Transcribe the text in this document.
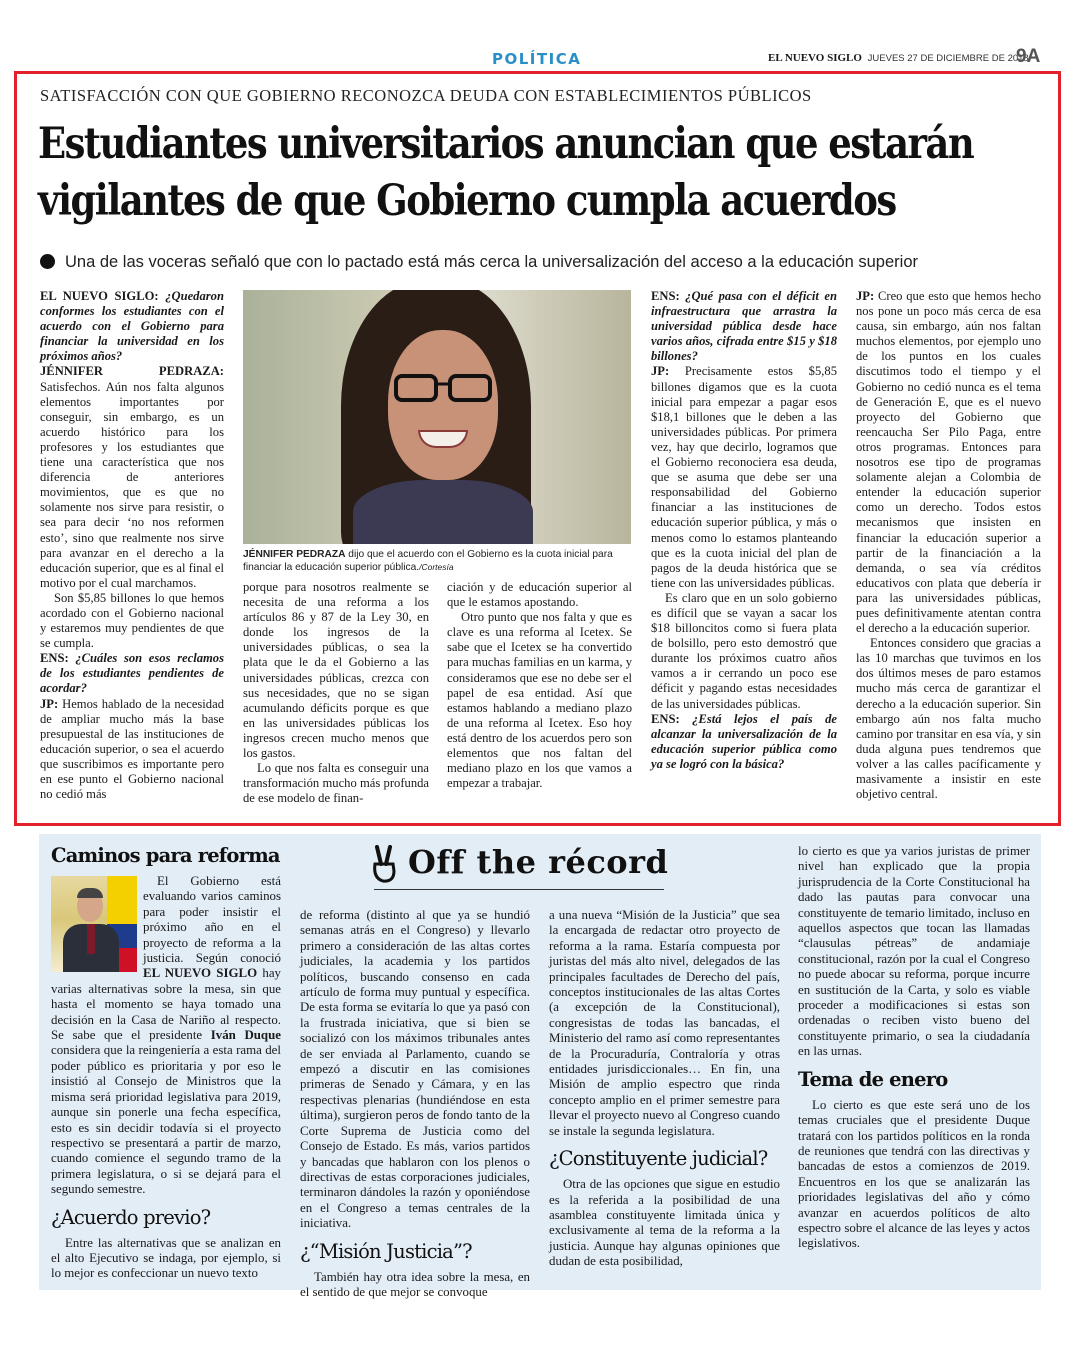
POLÍTICA	EL NUEVO SIGLO JUEVES 27 DE DICIEMBRE DE 2018
9A
SATISFACCIÓN CON QUE GOBIERNO RECONOZCA DEUDA CON ESTABLECIMIENTOS PÚBLICOS
Estudiantes universitarios anuncian que estarán
vigilantes de que Gobierno cumpla acuerdos
Una de las voceras señaló que con lo pactado está más cerca la universalización del acceso a la educación superior

EL NUEVO SIGLO: ¿Quedaron conformes los estudiantes con el acuerdo con el Gobierno para financiar la universidad en los próximos años?

JÉNNIFER PEDRAZA: Satisfechos. Aún nos falta algunos elementos importantes por conseguir, sin embargo, es un acuerdo histórico para los profesores y los estudiantes que tiene una característica que nos diferencia de anteriores movimientos, que es que no solamente nos sirve para resistir, o sea para decir ‘no nos reformen esto’, sino que realmente nos sirve para avanzar en el derecho a la educación superior, que es al final el motivo por el cual marchamos.

Son $5,85 billones lo que hemos acordado con el Gobierno nacional y estaremos muy pendientes de que se cumpla.

ENS: ¿Cuáles son esos reclamos de los estudiantes pendientes de acordar?

JP: Hemos hablado de la necesidad de ampliar mucho más la base presupuestal de las instituciones de educación superior, o sea el acuerdo que suscribimos es importante pero en ese punto el Gobierno nacional no cedió más

JÉNNIFER PEDRAZA dijo que el acuerdo con el Gobierno es la cuota inicial para financiar la educación superior pública./Cortesía

porque para nosotros realmente se necesita de una reforma a los artículos 86 y 87 de la Ley 30, en donde los ingresos de la universidades públicas, o sea la plata que le da el Gobierno a las universidades públicas, crezca con sus necesidades, que no se sigan acumulando déficits porque es que en las universidades públicas los ingresos crecen mucho menos que los gastos.

Lo que nos falta es conseguir una transformación mucho más profunda de ese modelo de finan-

ciación y de educación superior al que le estamos apostando.

Otro punto que nos falta y que es clave es una reforma al Icetex. Se sabe que el Icetex se ha convertido para muchas familias en un karma, y consideramos que ese no debe ser el papel de esa entidad. Así que estamos hablando a mediano plazo de una reforma al Icetex. Eso hoy está dentro de los acuerdos pero son elementos que nos faltan del mediano plazo en los que vamos a empezar a trabajar.

ENS: ¿Qué pasa con el déficit en infraestructura que arrastra la universidad pública desde hace varios años, cifrada entre $15 y $18 billones?

JP: Precisamente estos $5,85 billones digamos que es la cuota inicial para empezar a pagar esos $18,1 billones que le deben a las universidades públicas. Por primera vez, hay que decirlo, logramos que el Gobierno reconociera esa deuda, que se asuma que debe ser una responsabilidad del Gobierno financiar a las instituciones de educación superior pública, y más o menos como lo estamos planteando que es la cuota inicial del plan de pagos de la deuda histórica que se tiene con las universidades públicas.

Es claro que en un solo gobierno es difícil que se vayan a sacar los $18 billoncitos como si fuera plata de bolsillo, pero esto demostró que durante los próximos cuatro años vamos a ir cerrando un poco ese déficit y pagando estas necesidades de las universidades públicas.

ENS: ¿Está lejos el país de alcanzar la universalización de la educación superior pública como ya se logró con la básica?

JP: Creo que esto que hemos hecho nos pone un poco más cerca de esa causa, sin embargo, aún nos faltan muchos elementos, por ejemplo uno de los puntos en los cuales discutimos todo el tiempo y el Gobierno no cedió nunca es el tema de Generación E, que es el nuevo proyecto del Gobierno que reencaucha Ser Pilo Paga, entre otros programas. Entonces para nosotros ese tipo de programas solamente alejan a Colombia de entender la educación superior como un derecho. Todos estos mecanismos que insisten en financiar la educación superior a partir de la financiación a la demanda, o sea vía créditos educativos con plata que debería ir para las universidades públicas, pues definitivamente atentan contra el derecho a la educación superior.

Entonces considero que gracias a las 10 marchas que tuvimos en los dos últimos meses de paro estamos mucho más cerca de garantizar el derecho a la educación superior. Sin embargo aún nos falta mucho camino por transitar en esa vía, y sin duda alguna pues tendremos que volver a las calles pacíficamente y masivamente a insistir en este objetivo central.

Off the récord
Caminos para reforma

El Gobierno está evaluando varios caminos para poder insistir el próximo año en el proyecto de reforma a la justicia. Según conoció EL NUEVO SIGLO hay varias alternativas sobre la mesa, sin que hasta el momento se haya tomado una decisión en la Casa de Nariño al respecto. Se sabe que el presidente Iván Duque considera que la reingeniería a esta rama del poder público es prioritaria y por eso le insistió al Consejo de Ministros que la misma será prioridad legislativa para 2019, aunque sin ponerle una fecha específica, esto es sin decidir todavía si el proyecto respectivo se presentará a partir de marzo, cuando comience el segundo tramo de la primera legislatura, o si se dejará para el segundo semestre.

¿Acuerdo previo?

Entre las alternativas que se analizan en el alto Ejecutivo se indaga, por ejemplo, si lo mejor es confeccionar un nuevo texto

de reforma (distinto al que ya se hundió semanas atrás en el Congreso) y llevarlo primero a consideración de las altas cortes judiciales, la academia y los partidos políticos, buscando consenso en cada artículo de forma muy puntual y específica. De esta forma se evitaría lo que ya pasó con la frustrada iniciativa, que si bien se socializó con los máximos tribunales antes de ser enviada al Parlamento, cuando se empezó a discutir en las comisiones primeras de Senado y Cámara, y en las respectivas plenarias (hundiéndose en esta última), surgieron peros de fondo tanto de la Corte Suprema de Justicia como del Consejo de Estado. Es más, varios partidos y bancadas que hablaron con los plenos o directivas de estas corporaciones judiciales, terminaron dándoles la razón y oponiéndose en el Congreso a temas centrales de la iniciativa.

¿“Misión Justicia”?

También hay otra idea sobre la mesa, en el sentido de que mejor se convoque

a una nueva “Misión de la Justicia” que sea la encargada de redactar otro proyecto de reforma a la rama. Estaría compuesta por juristas del más alto nivel, delegados de las principales facultades de Derecho del país, conceptos institucionales de las altas Cortes (a excepción de la Constitucional), congresistas de todas las bancadas, el Ministerio del ramo así como representantes de la Procuraduría, Contraloría y otras entidades jurisdiccionales… En fin, una Misión de amplio espectro que rinda concepto amplio en el primer semestre para llevar el proyecto nuevo al Congreso cuando se instale la segunda legislatura.

¿Constituyente judicial?

Otra de las opciones que sigue en estudio es la referida a la posibilidad de una asamblea constituyente limitada única y exclusivamente al tema de la reforma a la justicia. Aunque hay algunas opiniones que dudan de esta posibilidad,

lo cierto es que ya varios juristas de primer nivel han explicado que la propia jurisprudencia de la Corte Constitucional ha dado las pautas para convocar una constituyente de temario limitado, incluso en aquellos aspectos que tocan las llamadas “clausulas pétreas” de andamiaje constitucional, razón por la cual el Congreso no puede abocar su reforma, porque incurre en sustitución de la Carta, y solo es viable proceder a modificaciones si estas son ordenadas o reciben visto bueno del constituyente primario, o sea la ciudadanía en las urnas.

Tema de enero

Lo cierto es que este será uno de los temas cruciales que el presidente Duque tratará con los partidos políticos en la ronda de reuniones que tendrá con las directivas y bancadas de estos a comienzos de 2019. Encuentros en los que se analizarán las prioridades legislativas del año y cómo avanzar en acuerdos políticos de alto espectro sobre el alcance de las leyes y actos legislativos.
